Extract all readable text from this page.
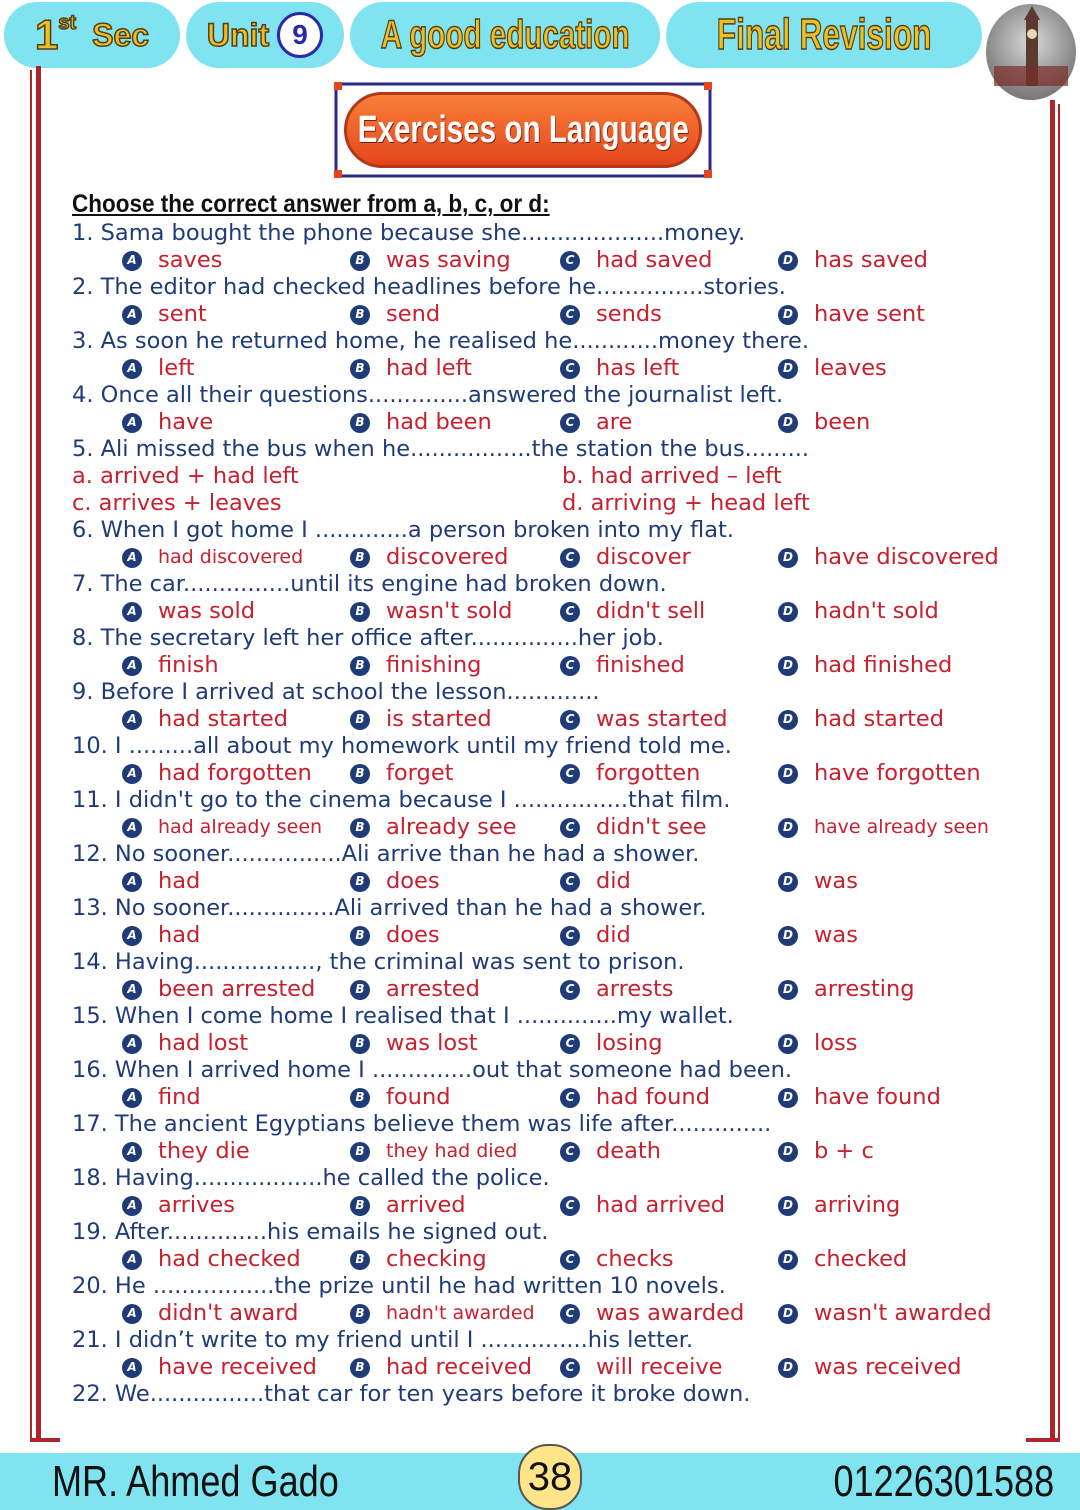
1 st Sec Unit 9	A good education Final Revision
Exercises on Language
Choose the correct answer from a, b, c, or d:
1. Sama bought the phone because she....................money.
A saves	B was saving	C had saved	D has saved
2. The editor had checked headlines before he...............stories.
A sent	B send	C sends	D have sent
3. As soon he returned home, he realised he............money there.
A left	B had left	C has left	D leaves
4. Once all their questions..............answered the journalist left.
A have	B had been	C are	D been
5. Ali missed the bus when he.................the station the bus.........
a. arrived + had left	b. had arrived – left
c. arrives + leaves	d. arriving + head left
6. When I got home I .............a person broken into my flat.
A had discovered	B discovered	C discover	D have discovered
7. The car...............until its engine had broken down.
A was sold	B wasn't sold	C didn't sell	D hadn't sold
8. The secretary left her office after...............her job.
A finish	B finishing	C finished	D had finished
9. Before I arrived at school the lesson.............
A had started	B is started	C was started	D had started
10. I .........all about my homework until my friend told me.
A had forgotten	B forget	C forgotten	D have forgotten
11. I didn't go to the cinema because I ................that film.
A had already seen	B already see	C didn't see	D have already seen
12. No sooner................Ali arrive than he had a shower.
A had	B does	C did	D was
13. No sooner...............Ali arrived than he had a shower.
A had	B does	C did	D was
14. Having................., the criminal was sent to prison.
A been arrested	B arrested	C arrests	D arresting
15. When I come home I realised that I ..............my wallet.
A had lost	B was lost	C losing	D loss
16. When I arrived home I ..............out that someone had been.
A find	B found	C had found	D have found
17. The ancient Egyptians believe them was life after..............
A they die	B they had died	C death	D b + c
18. Having..................he called the police.
A arrives	B arrived	C had arrived	D arriving
19. After..............his emails he signed out.
A had checked	B checking	C checks	D checked
20. He .................the prize until he had written 10 novels.
A didn't award	B hadn't awarded	C was awarded	D wasn't awarded
21. I didn’t write to my friend until I ...............his letter.
A have received	B had received	C will receive	D was received
22. We................that car for ten years before it broke down.
MR. Ahmed Gado	01226301588
38
